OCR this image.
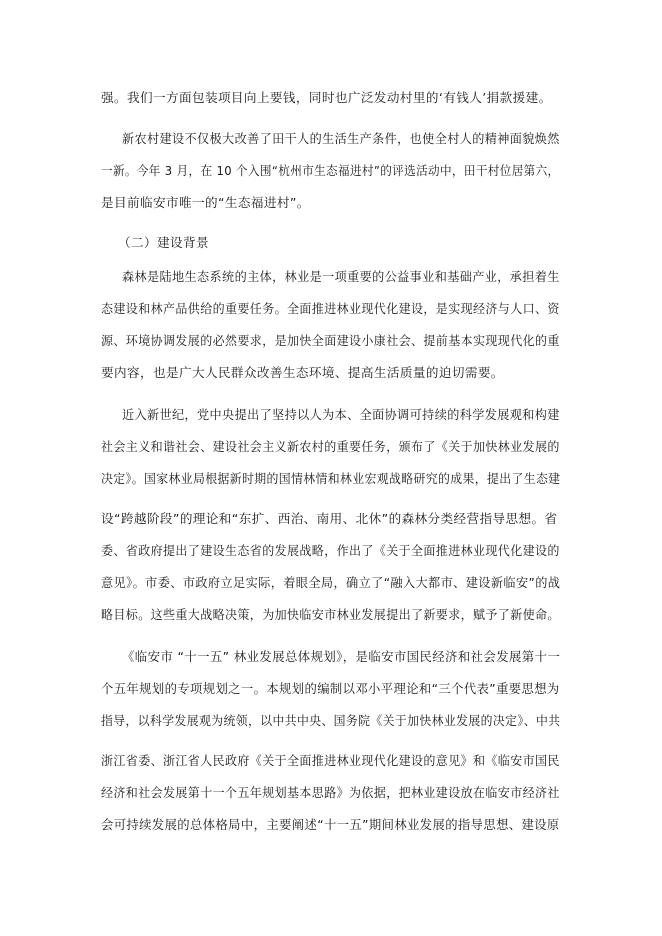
强。我们一方面包装项目向上要钱，同时也广泛发动村里的‘有钱人’捐款援建。
新农村建设不仅极大改善了田干人的生活生产条件，也使全村人的精神面貌焕然
一新。今年 3 月，在 10 个入围“杭州市生态福进村”的评选活动中，田干村位居第六，
是目前临安市唯一的“生态福进村”。
（二）建设背景
森林是陆地生态系统的主体，林业是一项重要的公益事业和基础产业，承担着生
态建设和林产品供给的重要任务。全面推进林业现代化建设，是实现经济与人口、资
源、环境协调发展的必然要求，是加快全面建设小康社会、提前基本实现现代化的重
要内容，也是广大人民群众改善生态环境、提高生活质量的迫切需要。
近入新世纪，党中央提出了坚持以人为本、全面协调可持续的科学发展观和构建
社会主义和谐社会、建设社会主义新农村的重要任务，颁布了《关于加快林业发展的
决定》。国家林业局根据新时期的国情林情和林业宏观战略研究的成果，提出了生态建
设“跨越阶段”的理论和“东扩、西治、南用、北休”的森林分类经营指导思想。省
委、省政府提出了建设生态省的发展战略，作出了《关于全面推进林业现代化建设的
意见》。市委、市政府立足实际，着眼全局，确立了“融入大都市、建设新临安”的战
略目标。这些重大战略决策，为加快临安市林业发展提出了新要求，赋予了新使命。
《临安市 “十一五” 林业发展总体规划》，是临安市国民经济和社会发展第十一
个五年规划的专项规划之一。本规划的编制以邓小平理论和“三个代表”重要思想为
指导，以科学发展观为统领，以中共中央、国务院《关于加快林业发展的决定》、中共
浙江省委、浙江省人民政府《关于全面推进林业现代化建设的意见》和《临安市国民
经济和社会发展第十一个五年规划基本思路》为依据，把林业建设放在临安市经济社
会可持续发展的总体格局中，主要阐述“十一五”期间林业发展的指导思想、建设原
